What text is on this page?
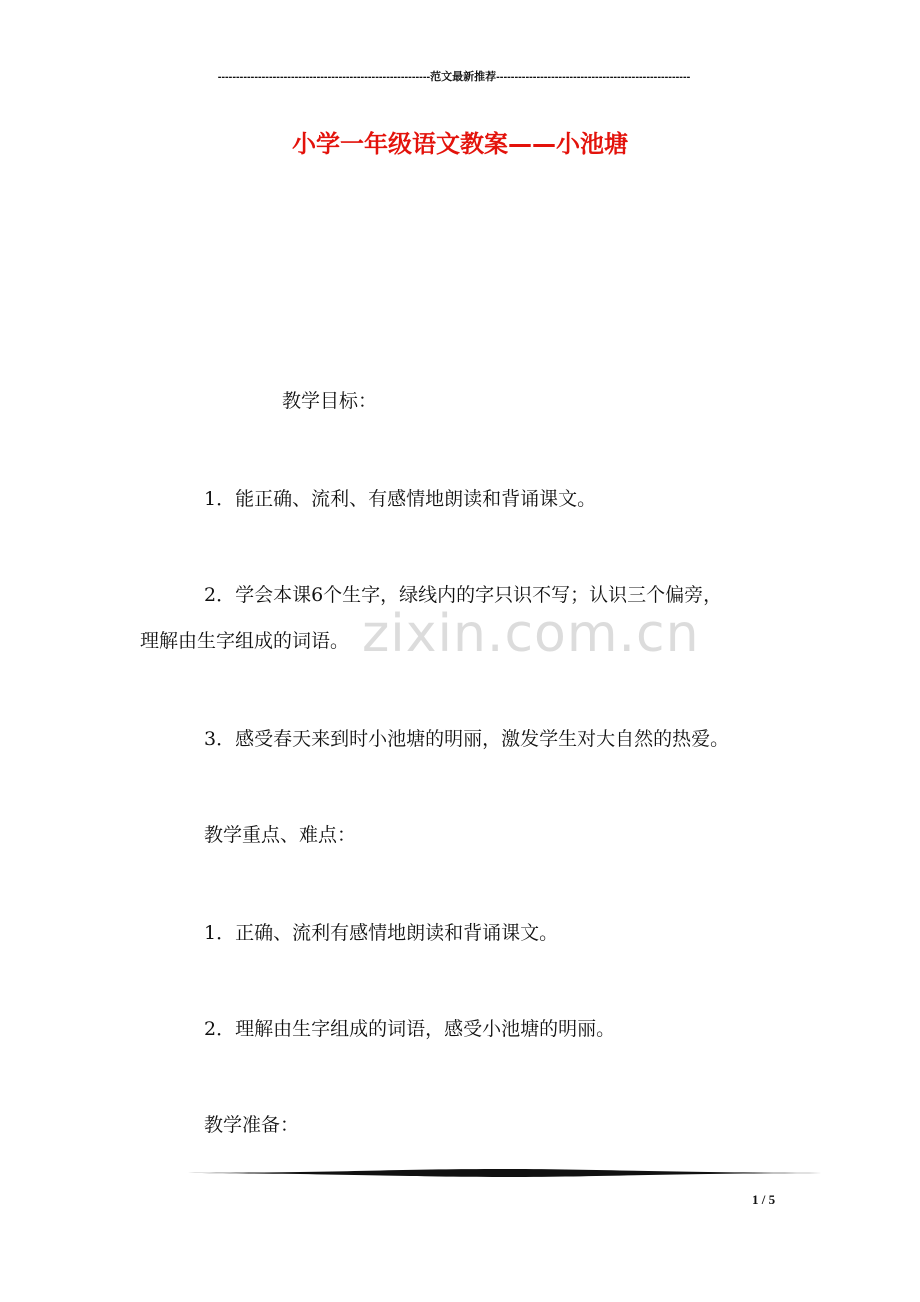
----------------------------------------------------------范文最新推荐-----------------------------------------------------
小学一年级语文教案——小池塘
zixin.com.cn
教学目标：
1．能正确、流利、有感情地朗读和背诵课文。
2．学会本课6个生字，绿线内的字只识不写；认识三个偏旁，
理解由生字组成的词语。
3．感受春天来到时小池塘的明丽，激发学生对大自然的热爱。
教学重点、难点：
1．正确、流利有感情地朗读和背诵课文。
2．理解由生字组成的词语，感受小池塘的明丽。
教学准备：
1 / 5
